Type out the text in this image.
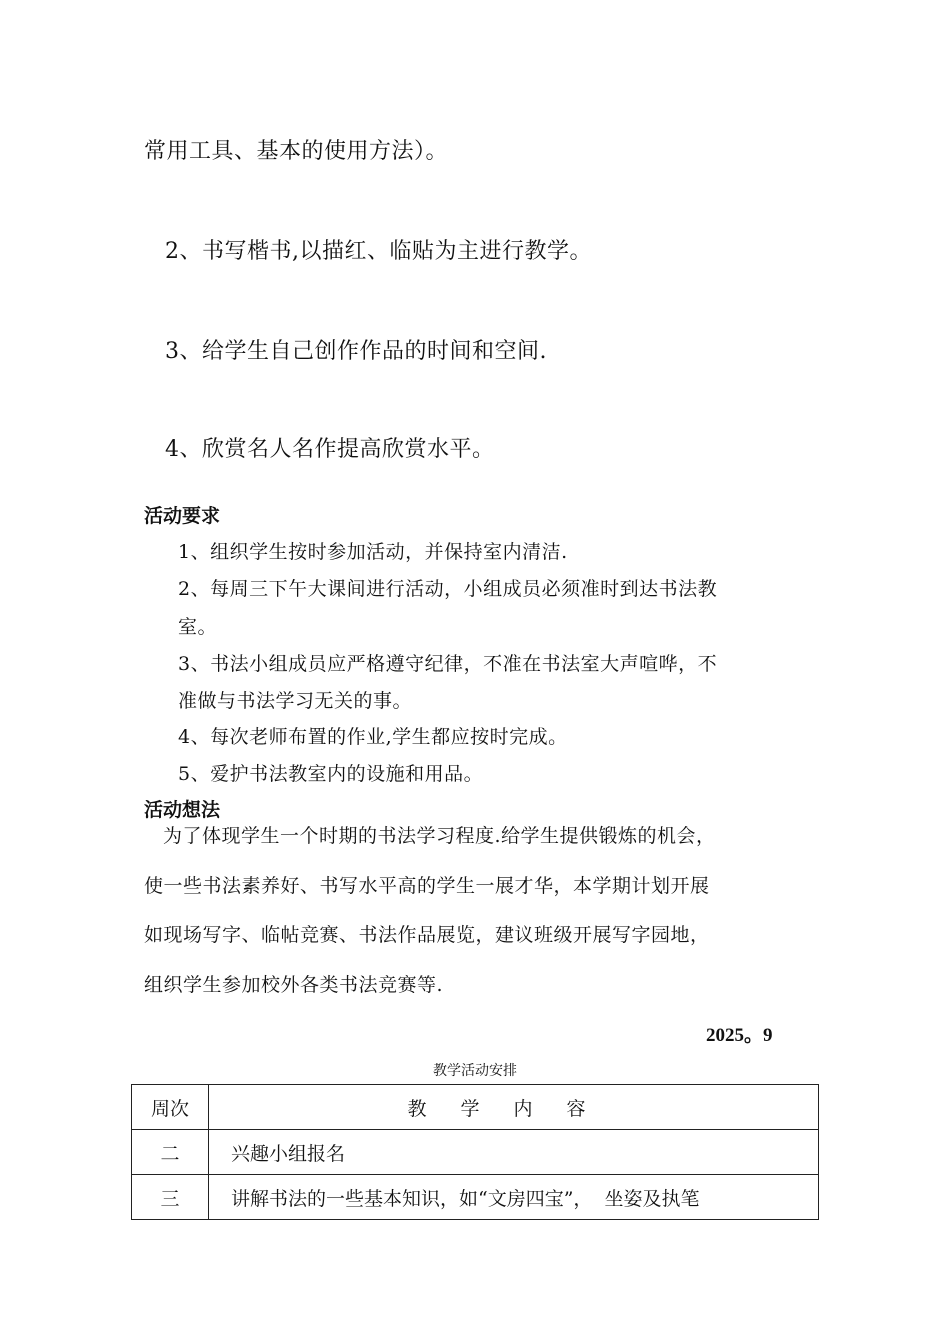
常用工具、基本的使用方法）。
2、书写楷书,以描红、临贴为主进行教学。
3、给学生自己创作作品的时间和空间.
4、欣赏名人名作提高欣赏水平。
活动要求
1、组织学生按时参加活动，并保持室内清洁.
2、每周三下午大课间进行活动，小组成员必须准时到达书法教
室。
3、书法小组成员应严格遵守纪律，不准在书法室大声喧哗，不
准做与书法学习无关的事。
4、每次老师布置的作业,学生都应按时完成。
5、爱护书法教室内的设施和用品。
活动想法
为了体现学生一个时期的书法学习程度.给学生提供锻炼的机会，
使一些书法素养好、书写水平高的学生一展才华，本学期计划开展
如现场写字、临帖竞赛、书法作品展览，建议班级开展写字园地，
组织学生参加校外各类书法竞赛等.
2025。9
教学活动安排
周次	教学内容
二	兴趣小组报名
三	讲解书法的一些基本知识，如“文房四宝”，  坐姿及执笔
